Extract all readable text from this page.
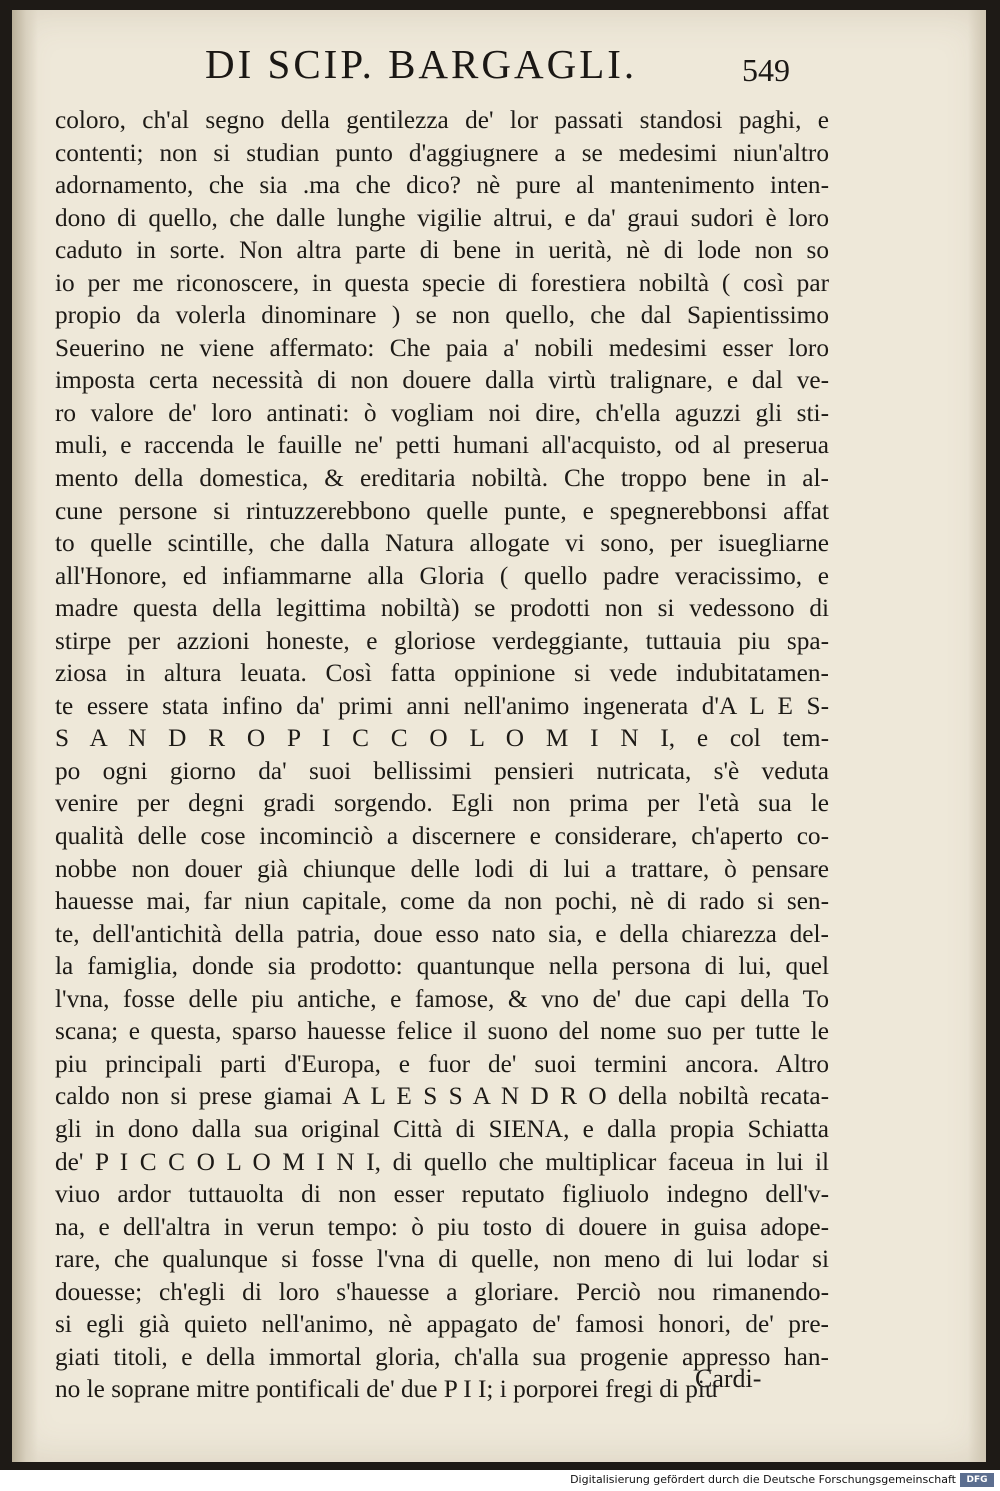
DI SCIP. BARGAGLI.	549
coloro, ch'al segno della gentilezza de' lor passati standosi paghi, e
contenti; non si studian punto d'aggiugnere a se medesimi niun'altro
adornamento, che sia .ma che dico? nè pure al mantenimento inten-
dono di quello, che dalle lunghe vigilie altrui, e da' graui sudori è loro
caduto in sorte. Non altra parte di bene in uerità, nè di lode non so
io per me riconoscere, in questa specie di forestiera nobiltà ( così par
propio da volerla dinominare ) se non quello, che dal Sapientissimo
Seuerino ne viene affermato: Che paia a' nobili medesimi esser loro
imposta certa necessità di non douere dalla virtù tralignare, e dal ve-
ro valore de' loro antinati: ò vogliam noi dire, ch'ella aguzzi gli sti-
muli, e raccenda le fauille ne' petti humani all'acquisto, od al preserua
mento della domestica, & ereditaria nobiltà. Che troppo bene in al-
cune persone si rintuzzerebbono quelle punte, e spegnerebbonsi affat
to quelle scintille, che dalla Natura allogate vi sono, per isuegliarne
all'Honore, ed infiammarne alla Gloria ( quello padre veracissimo, e
madre questa della legittima nobiltà) se prodotti non si vedessono di
stirpe per azzioni honeste, e gloriose verdeggiante, tuttauia piu spa-
ziosa in altura leuata. Così fatta oppinione si vede indubitatamen-
te essere stata infino da' primi anni nell'animo ingenerata d'A L E S-
S A N D R O P I C C O L O M I N I, e col tem-
po ogni giorno da' suoi bellissimi pensieri nutricata, s'è veduta
venire per degni gradi sorgendo. Egli non prima per l'età sua le
qualità delle cose incominciò a discernere e considerare, ch'aperto co-
nobbe non douer già chiunque delle lodi di lui a trattare, ò pensare
hauesse mai, far niun capitale, come da non pochi, nè di rado si sen-
te, dell'antichità della patria, doue esso nato sia, e della chiarezza del-
la famiglia, donde sia prodotto: quantunque nella persona di lui, quel
l'vna, fosse delle piu antiche, e famose, & vno de' due capi della To
scana; e questa, sparso hauesse felice il suono del nome suo per tutte le
piu principali parti d'Europa, e fuor de' suoi termini ancora. Altro
caldo non si prese giamai A L E S S A N D R O della nobiltà recata-
gli in dono dalla sua original Città di SIENA, e dalla propia Schiatta
de' P I C C O L O M I N I, di quello che multiplicar faceua in lui il
viuo ardor tuttauolta di non esser reputato figliuolo indegno dell'v-
na, e dell'altra in verun tempo: ò piu tosto di douere in guisa adope-
rare, che qualunque si fosse l'vna di quelle, non meno di lui lodar si
douesse; ch'egli di loro s'hauesse a gloriare. Perciò nou rimanendo-
si egli già quieto nell'animo, nè appagato de' famosi honori, de' pre-
giati titoli, e della immortal gloria, ch'alla sua progenie appresso han-
no le soprane mitre pontificali de' due P I I; i porporei fregi di piu
Cardi-
Digitalisierung gefördert durch die Deutsche Forschungsgemeinschaft	DFG
